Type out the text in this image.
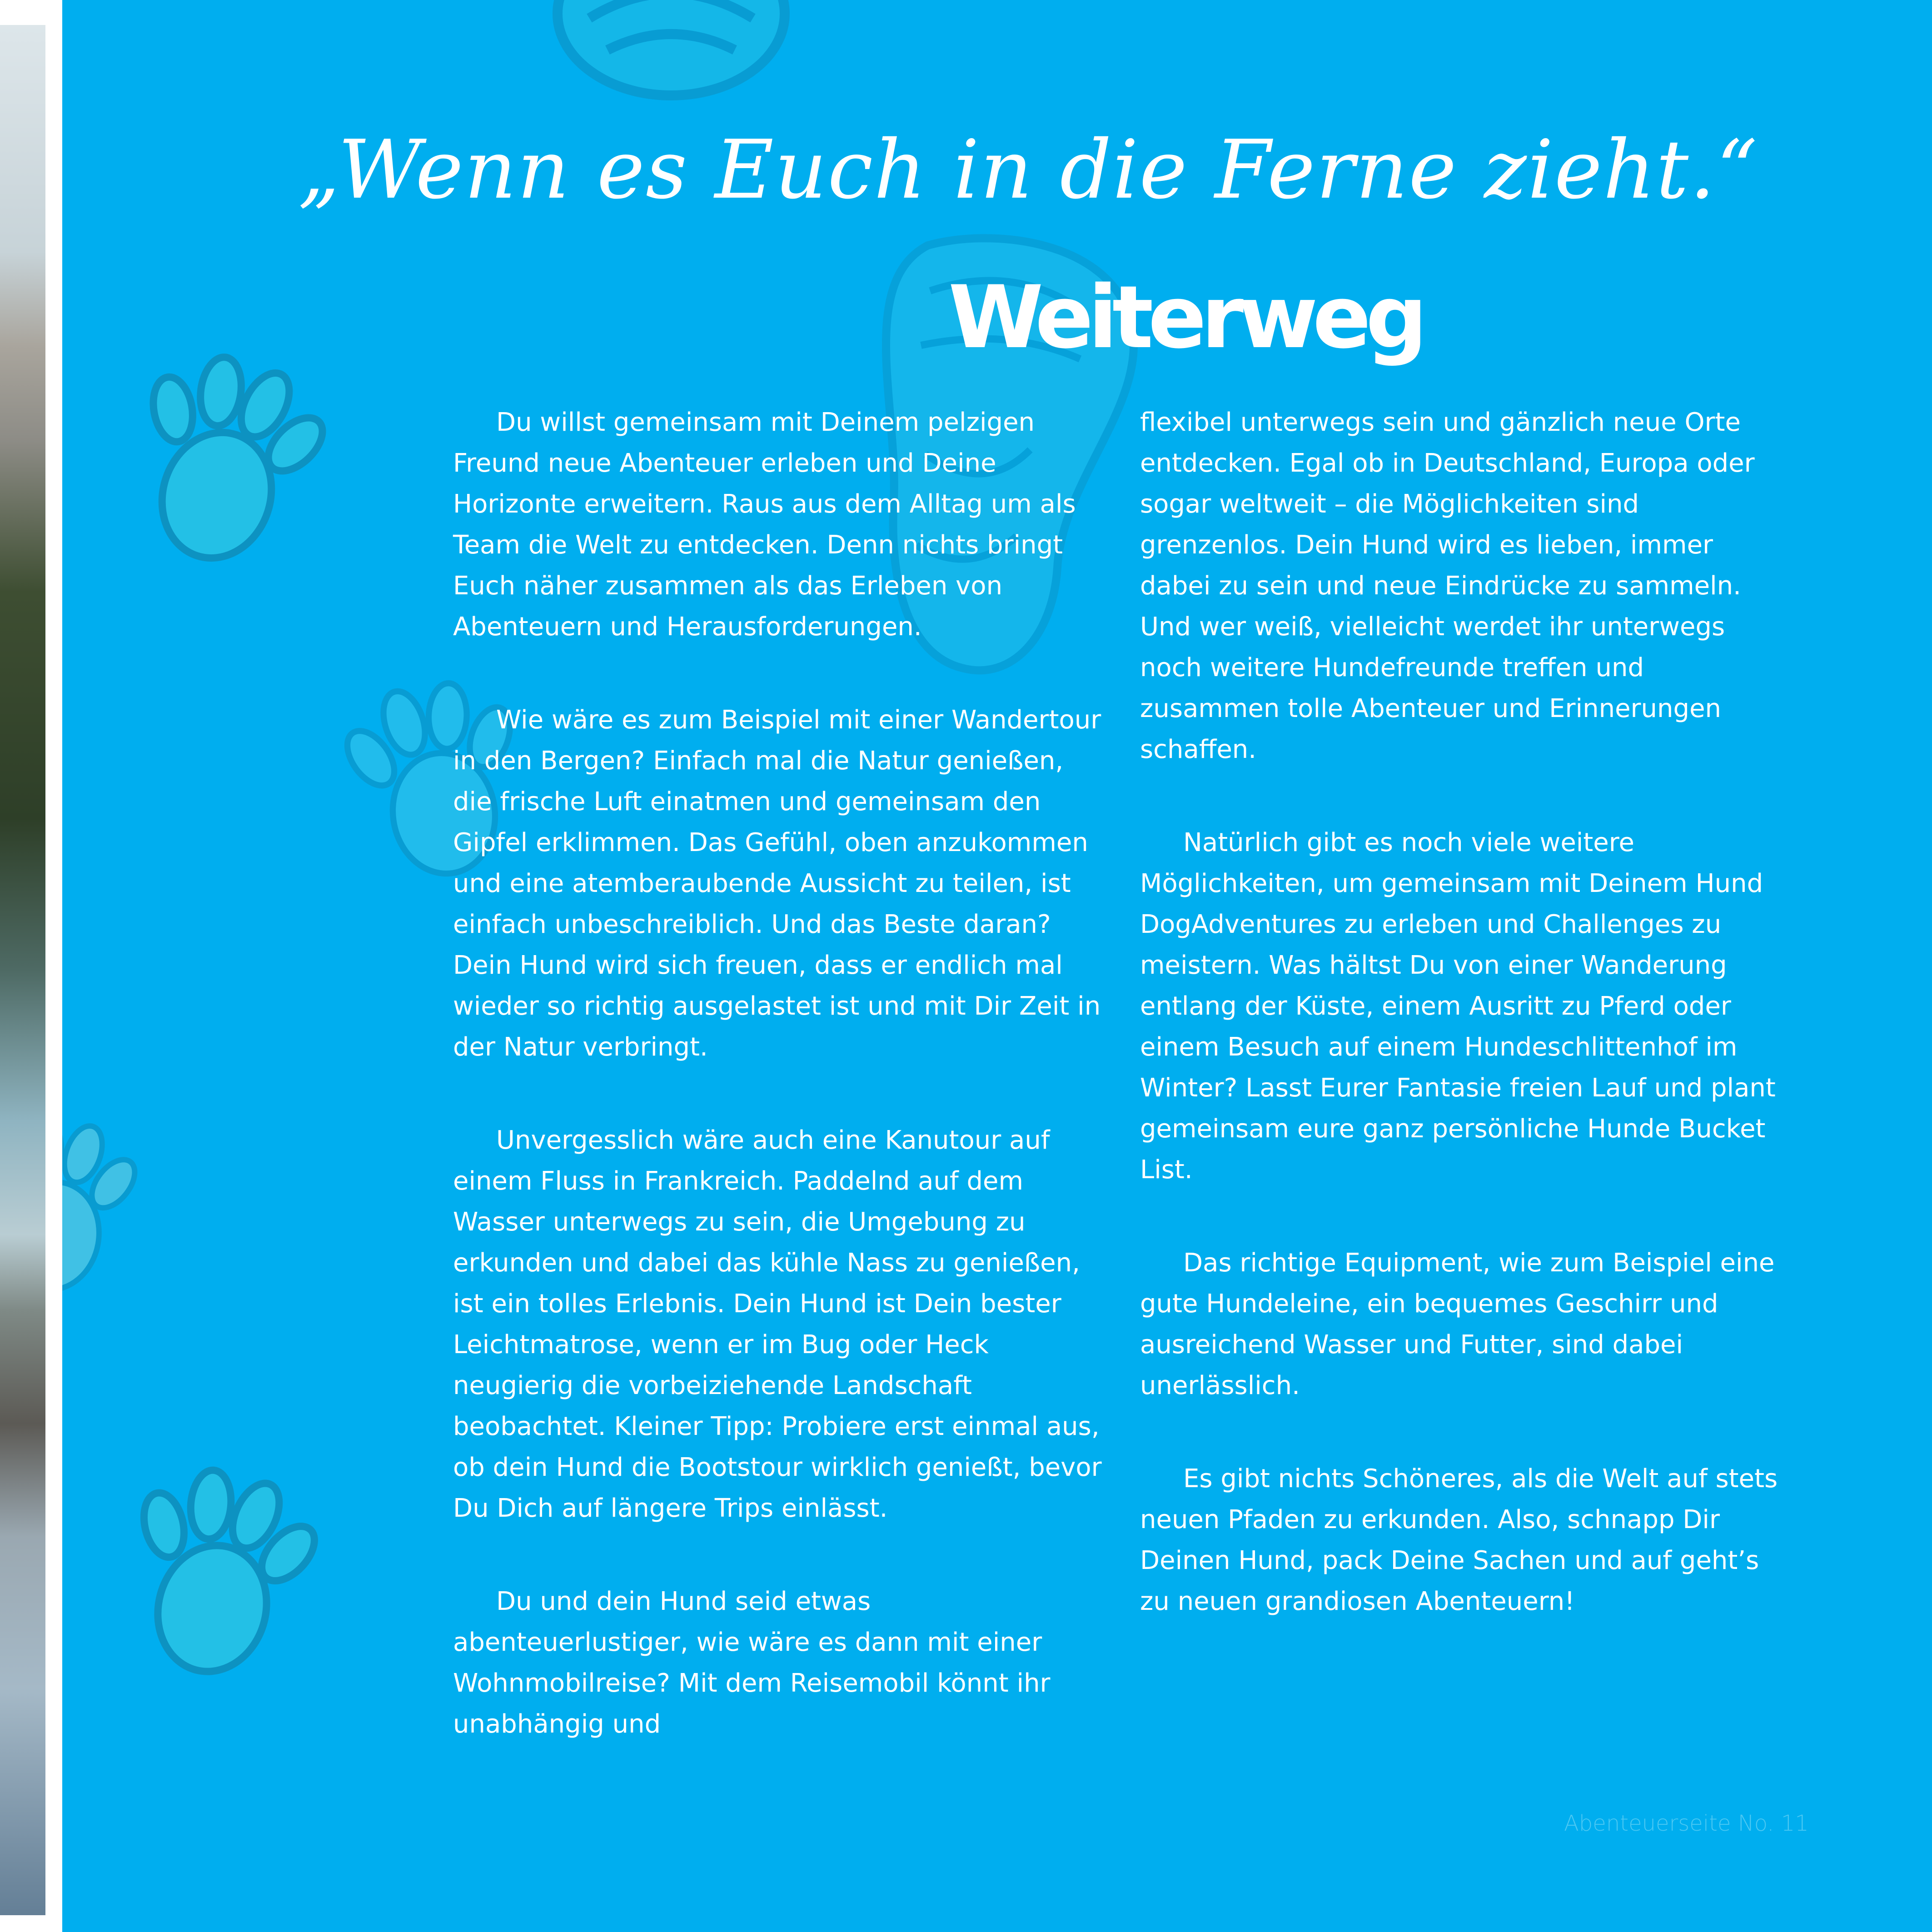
„Wenn es Euch in die Ferne zieht.“
Weiterweg

Du willst gemeinsam mit Deinem pelzigen Freund neue Abenteuer erleben und Deine Horizonte erweitern. Raus aus dem Alltag um als Team die Welt zu entdecken. Denn nichts bringt Euch näher zusammen als das Erleben von Abenteuern und Herausforderungen.

Wie wäre es zum Beispiel mit einer Wandertour in den Bergen? Einfach mal die Natur genießen, die frische Luft einatmen und gemeinsam den Gipfel erklimmen. Das Gefühl, oben anzukommen und eine atemberaubende Aussicht zu teilen, ist einfach unbeschreiblich. Und das Beste daran? Dein Hund wird sich freuen, dass er endlich mal wieder so richtig ausgelastet ist und mit Dir Zeit in der Natur verbringt.

Unvergesslich wäre auch eine Kanutour auf einem Fluss in Frankreich. Paddelnd auf dem Wasser unterwegs zu sein, die Umgebung zu erkunden und dabei das kühle Nass zu genießen, ist ein tolles Erlebnis. Dein Hund ist Dein bester Leichtmatrose, wenn er im Bug oder Heck neugierig die vorbeiziehende Landschaft beobachtet. Kleiner Tipp: Probiere erst einmal aus, ob dein Hund die Bootstour wirklich genießt, bevor Du Dich auf längere Trips einlässt.

Du und dein Hund seid etwas abenteuerlustiger, wie wäre es dann mit einer Wohnmobilreise? Mit dem Reisemobil könnt ihr unabhängig und

flexibel unterwegs sein und gänzlich neue Orte entdecken. Egal ob in Deutschland, Europa oder sogar weltweit – die Möglichkeiten sind grenzenlos. Dein Hund wird es lieben, immer dabei zu sein und neue Eindrücke zu sammeln. Und wer weiß, vielleicht werdet ihr unterwegs noch weitere Hundefreunde treffen und zusammen tolle Abenteuer und Erinnerungen schaffen.

Natürlich gibt es noch viele weitere Möglichkeiten, um gemeinsam mit Deinem Hund DogAdventures zu erleben und Challenges zu meistern. Was hältst Du von einer Wanderung entlang der Küste, einem Ausritt zu Pferd oder einem Besuch auf einem Hundeschlittenhof im Winter? Lasst Eurer Fantasie freien Lauf und plant gemeinsam eure ganz persönliche Hunde Bucket List.

Das richtige Equipment, wie zum Beispiel eine gute Hundeleine, ein bequemes Geschirr und ausreichend Wasser und Futter, sind dabei unerlässlich.

Es gibt nichts Schöneres, als die Welt auf stets neuen Pfaden zu erkunden. Also, schnapp Dir Deinen Hund, pack Deine Sachen und auf geht’s zu neuen grandiosen Abenteuern!

Abenteuerseite No. 11
